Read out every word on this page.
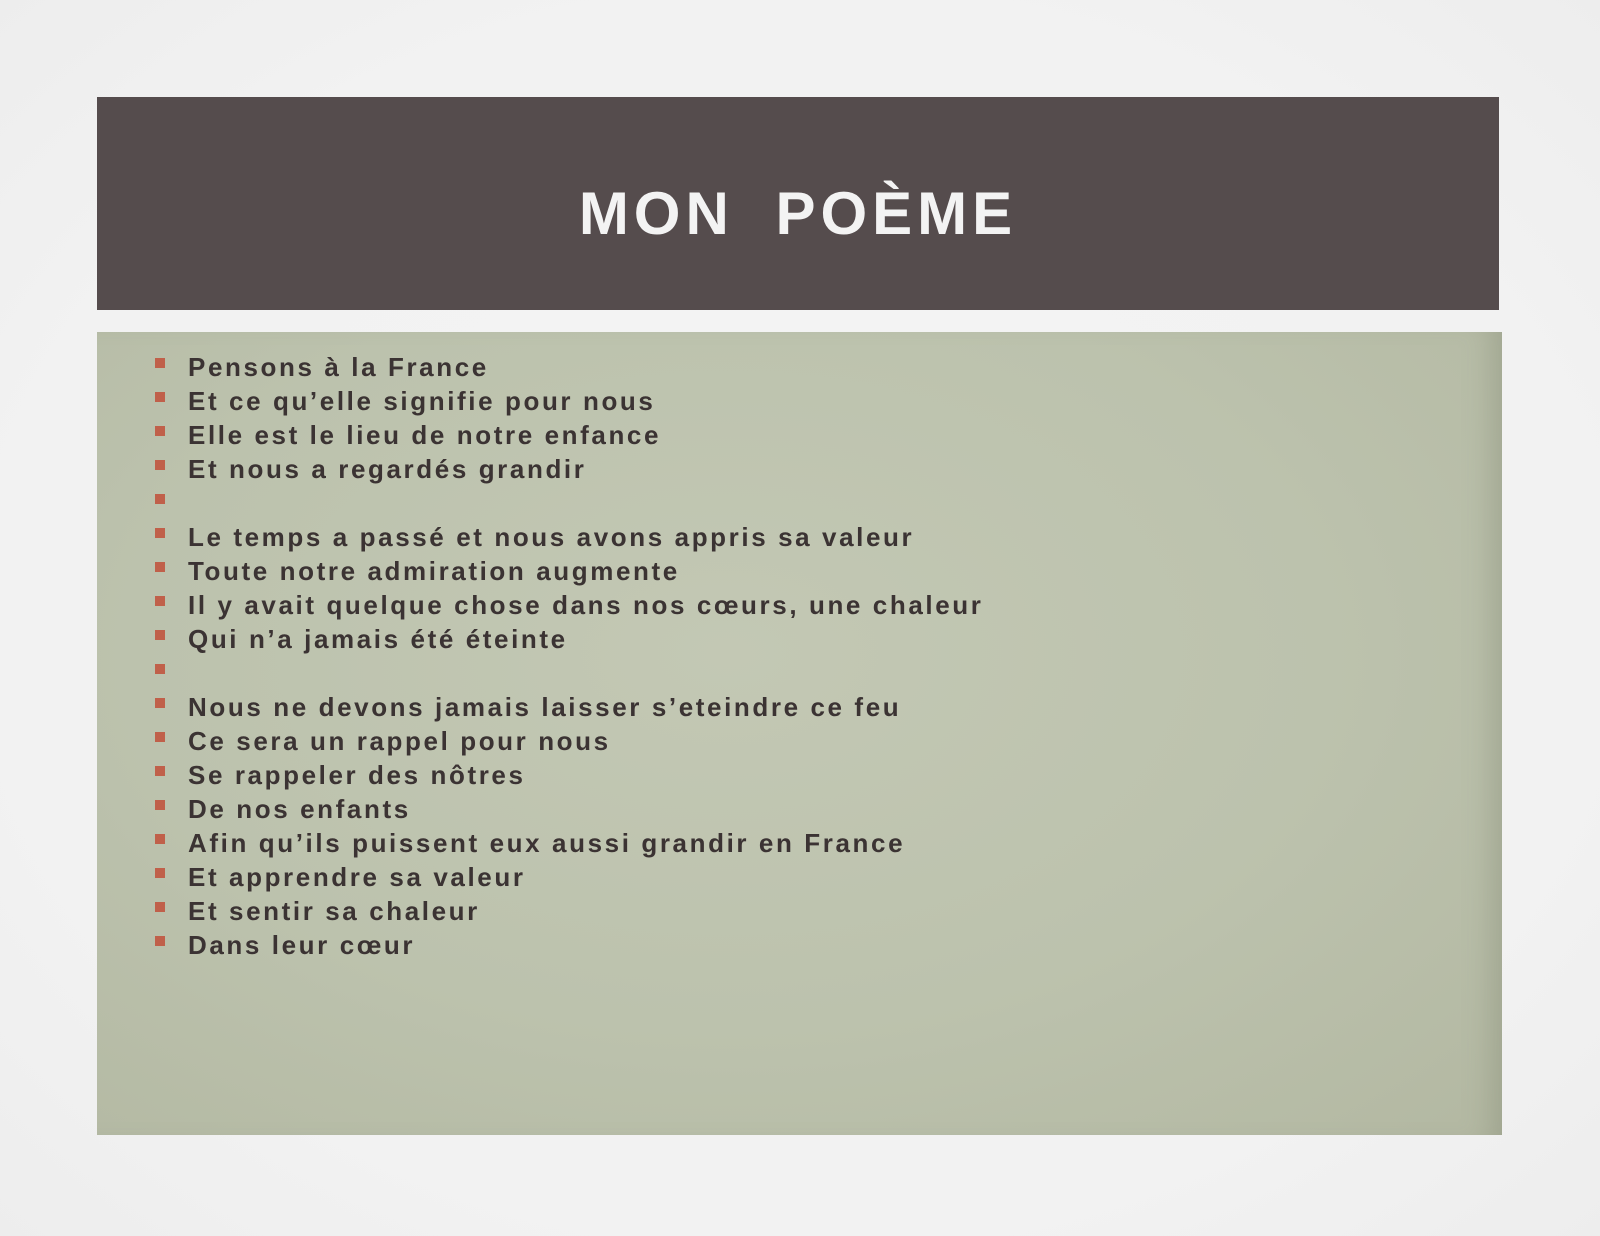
MON POÈME
Pensons à la France
Et ce qu’elle signifie pour nous
Elle est le lieu de notre enfance
Et nous a regardés grandir
Le temps a passé et nous avons appris sa valeur
Toute notre admiration augmente
Il y avait quelque chose dans nos cœurs, une chaleur
Qui n’a jamais été éteinte
Nous ne devons jamais laisser s’eteindre ce feu
Ce sera un rappel pour nous
Se rappeler des nôtres
De nos enfants
Afin qu’ils puissent eux aussi grandir en France
Et apprendre sa valeur
Et sentir sa chaleur
Dans leur cœur
